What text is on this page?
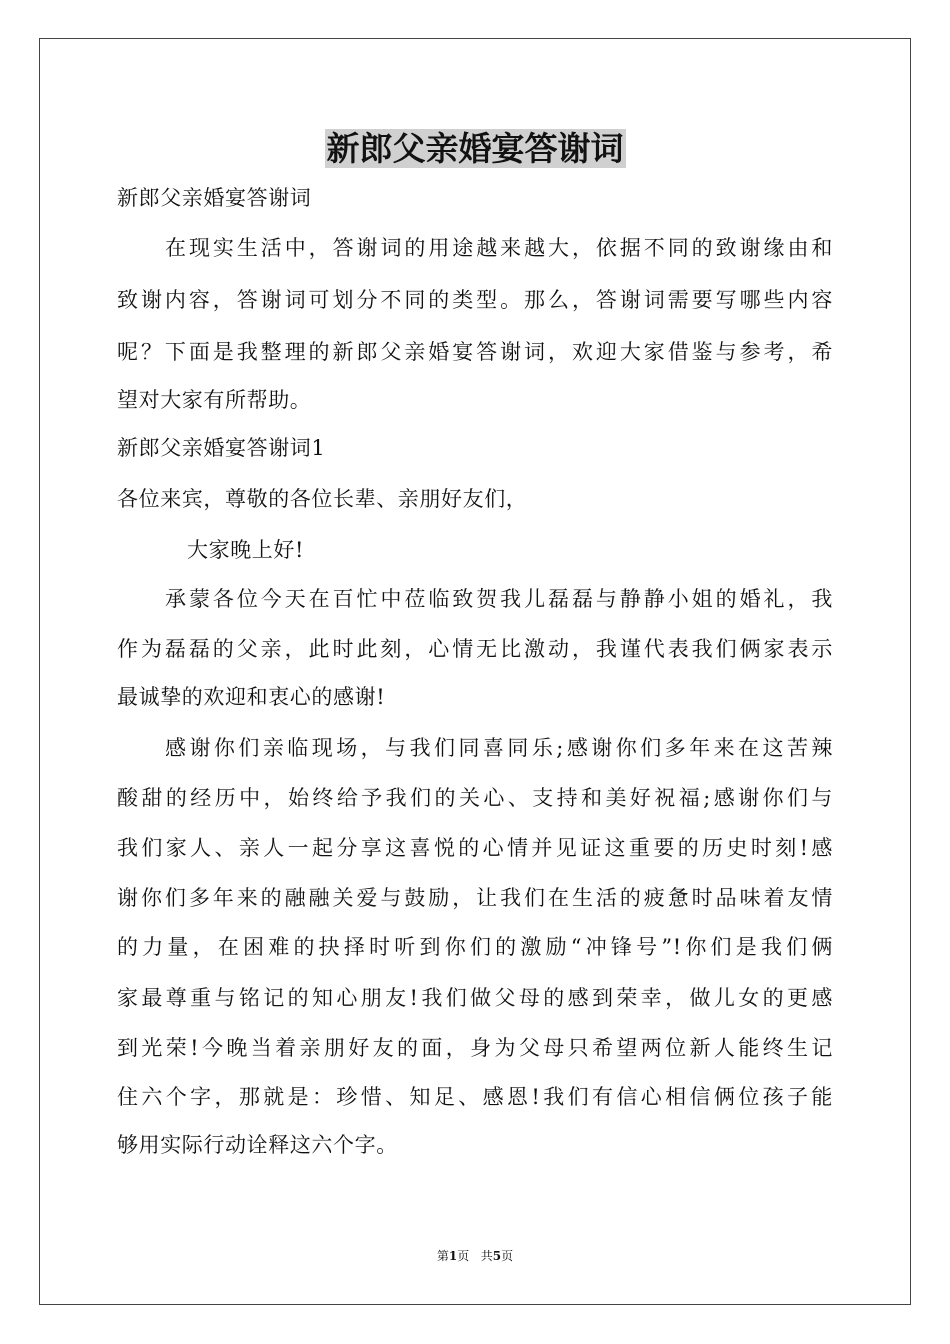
新郎父亲婚宴答谢词
新郎父亲婚宴答谢词
在现实生活中，答谢词的用途越来越大，依据不同的致谢缘由和
致谢内容，答谢词可划分不同的类型。那么，答谢词需要写哪些内容
呢？下面是我整理的新郎父亲婚宴答谢词，欢迎大家借鉴与参考，希
望对大家有所帮助。
新郎父亲婚宴答谢词1
各位来宾，尊敬的各位长辈、亲朋好友们，
大家晚上好!
承蒙各位今天在百忙中莅临致贺我儿磊磊与静静小姐的婚礼，我
作为磊磊的父亲，此时此刻，心情无比激动，我谨代表我们俩家表示
最诚挚的欢迎和衷心的感谢!
感谢你们亲临现场，与我们同喜同乐;感谢你们多年来在这苦辣
酸甜的经历中，始终给予我们的关心、支持和美好祝福;感谢你们与
我们家人、亲人一起分享这喜悦的心情并见证这重要的历史时刻!感
谢你们多年来的融融关爱与鼓励，让我们在生活的疲惫时品味着友情
的力量，在困难的抉择时听到你们的激励“冲锋号”!你们是我们俩
家最尊重与铭记的知心朋友!我们做父母的感到荣幸，做儿女的更感
到光荣!今晚当着亲朋好友的面，身为父母只希望两位新人能终生记
住六个字，那就是：珍惜、知足、感恩!我们有信心相信俩位孩子能
够用实际行动诠释这六个字。
第1页 共5页
